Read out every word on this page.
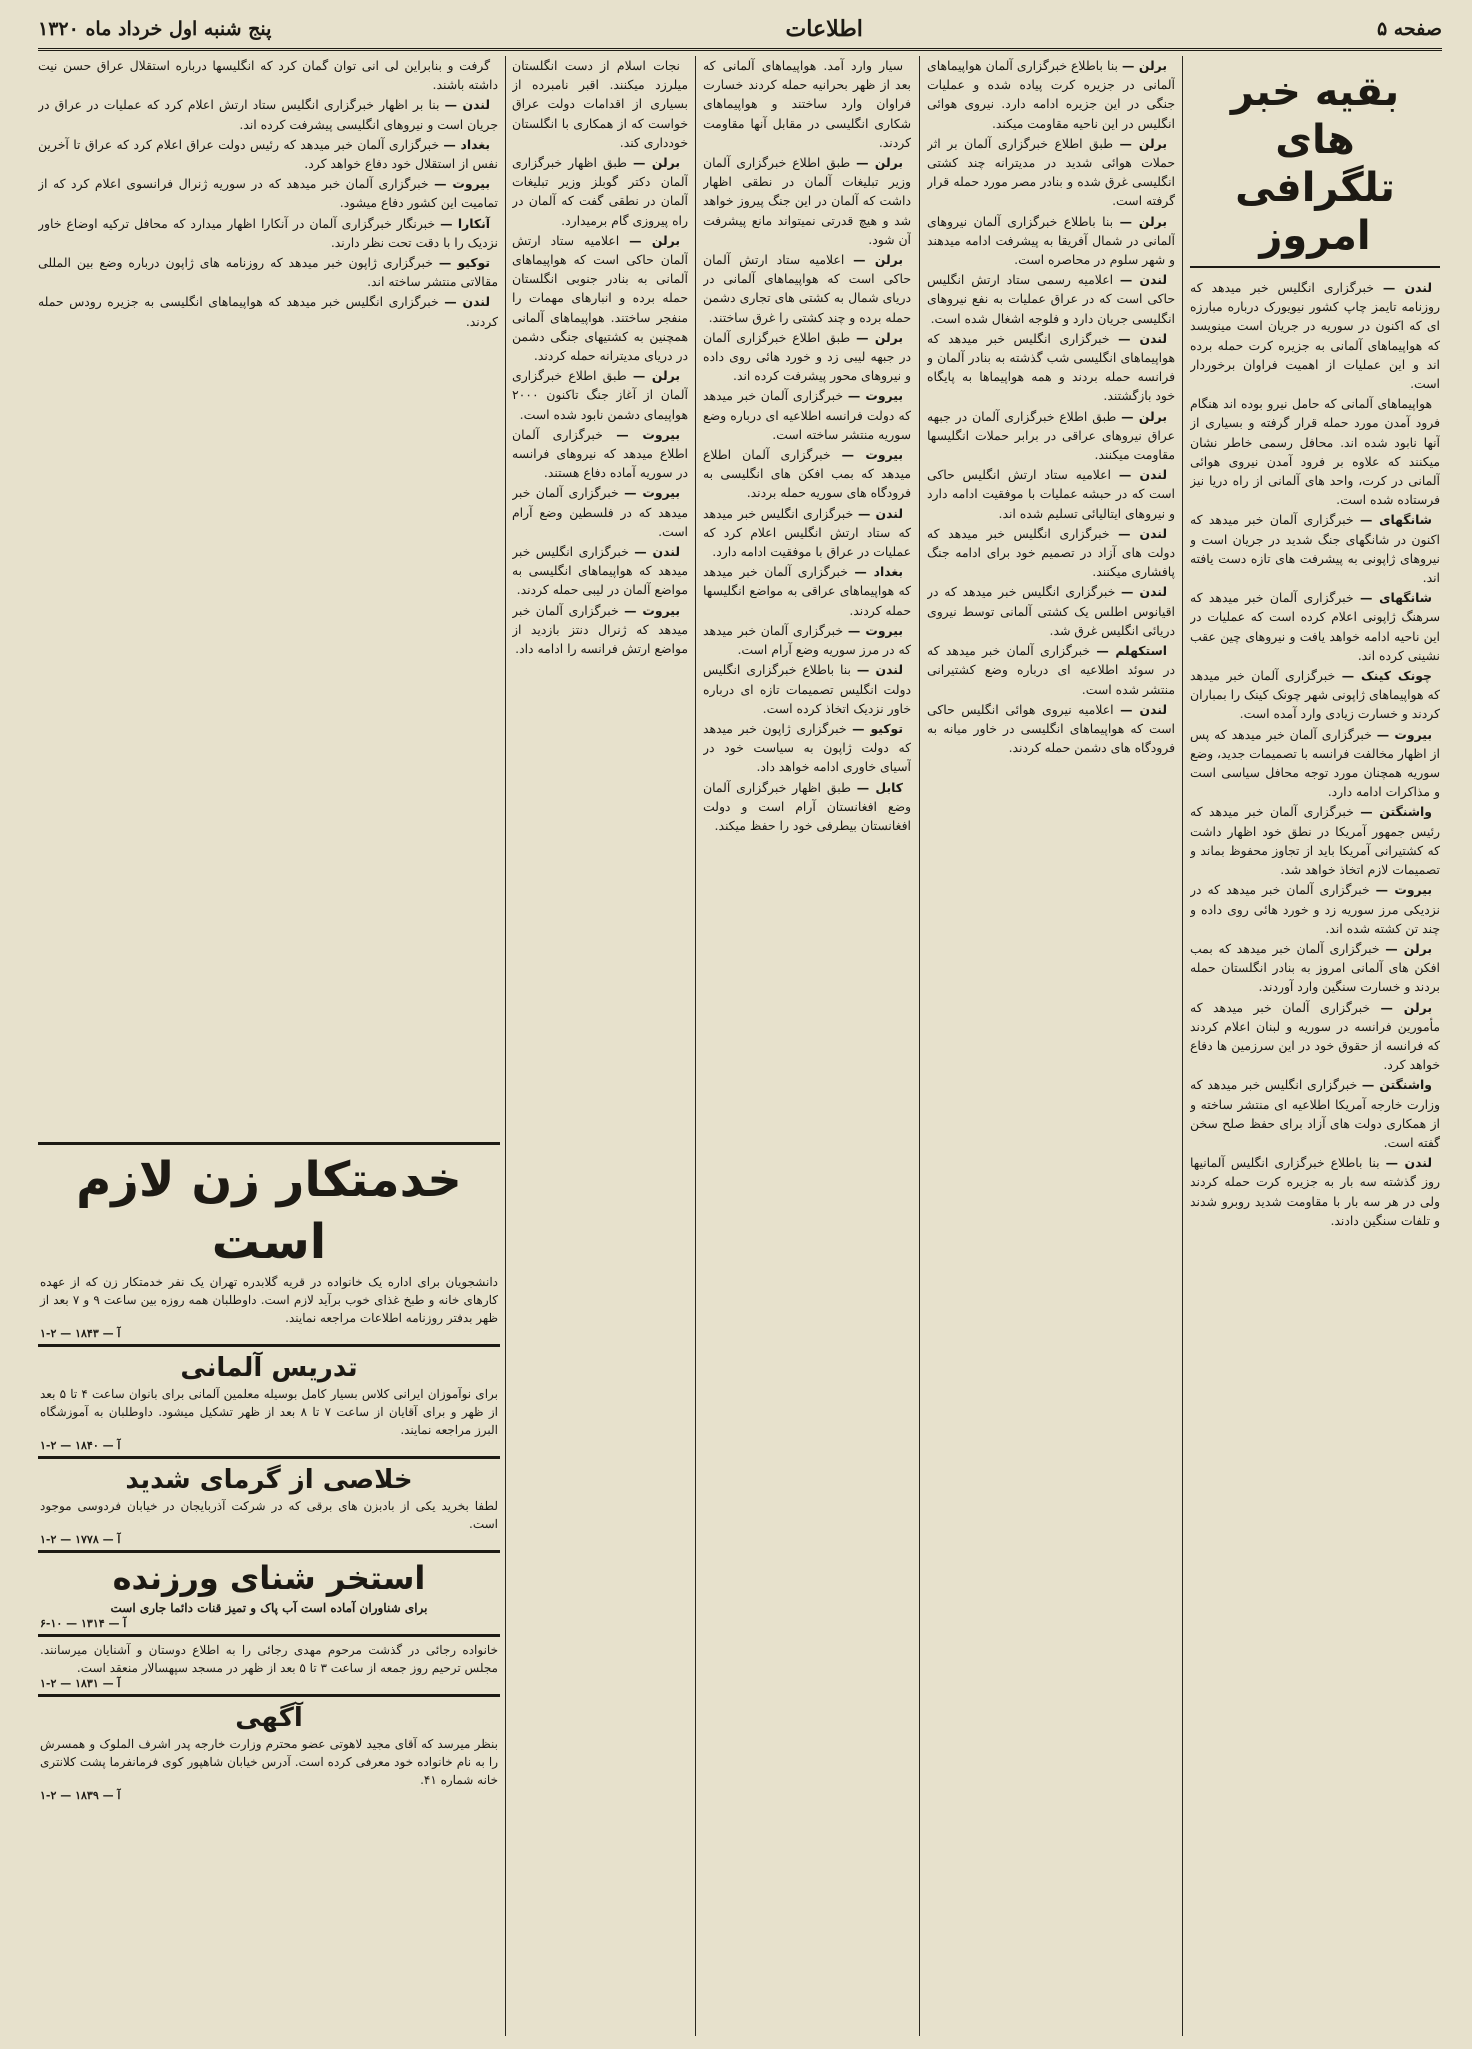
صفحه ۵
اطلاعات
پنج شنبه اول خرداد ماه ۱۳۲۰
بقیه خبر های تلگرافی امروز

لندن — خبرگزاری انگلیس خبر میدهد که روزنامه تایمز چاپ کشور نیویورک درباره مبارزه ای که اکنون در سوریه در جریان است مینویسد که هواپیماهای آلمانی به جزیره کرت حمله برده اند و این عملیات از اهمیت فراوان برخوردار است.

هواپیماهای آلمانی که حامل نیرو بوده اند هنگام فرود آمدن مورد حمله قرار گرفته و بسیاری از آنها نابود شده اند. محافل رسمی خاطر نشان میکنند که علاوه بر فرود آمدن نیروی هوائی آلمانی در کرت، واحد های آلمانی از راه دریا نیز فرستاده شده است.

شانگهای — خبرگزاری آلمان خبر میدهد که اکنون در شانگهای جنگ شدید در جریان است و نیروهای ژاپونی به پیشرفت های تازه دست یافته اند.

شانگهای — خبرگزاری آلمان خبر میدهد که سرهنگ ژاپونی اعلام کرده است که عملیات در این ناحیه ادامه خواهد یافت و نیروهای چین عقب نشینی کرده اند.

چونک کینک — خبرگزاری آلمان خبر میدهد که هواپیماهای ژاپونی شهر چونک کینک را بمباران کردند و خسارت زیادی وارد آمده است.

بیروت — خبرگزاری آلمان خبر میدهد که پس از اظهار مخالفت فرانسه با تصمیمات جدید، وضع سوریه همچنان مورد توجه محافل سیاسی است و مذاکرات ادامه دارد.

واشنگتن — خبرگزاری آلمان خبر میدهد که رئیس جمهور آمریکا در نطق خود اظهار داشت که کشتیرانی آمریکا باید از تجاوز محفوظ بماند و تصمیمات لازم اتخاذ خواهد شد.

بیروت — خبرگزاری آلمان خبر میدهد که در نزدیکی مرز سوریه زد و خورد هائی روی داده و چند تن کشته شده اند.

برلن — خبرگزاری آلمان خبر میدهد که بمب افکن های آلمانی امروز به بنادر انگلستان حمله بردند و خسارت سنگین وارد آوردند.

برلن — خبرگزاری آلمان خبر میدهد که مأمورین فرانسه در سوریه و لبنان اعلام کردند که فرانسه از حقوق خود در این سرزمین ها دفاع خواهد کرد.

واشنگتن — خبرگزاری انگلیس خبر میدهد که وزارت خارجه آمریکا اطلاعیه ای منتشر ساخته و از همکاری دولت های آزاد برای حفظ صلح سخن گفته است.

لندن — بنا باطلاع خبرگزاری انگلیس آلمانیها روز گذشته سه بار به جزیره کرت حمله کردند ولی در هر سه بار با مقاومت شدید روبرو شدند و تلفات سنگین دادند.

برلن — بنا باطلاع خبرگزاری آلمان هواپیماهای آلمانی در جزیره کرت پیاده شده و عملیات جنگی در این جزیره ادامه دارد. نیروی هوائی انگلیس در این ناحیه مقاومت میکند.

برلن — طبق اطلاع خبرگزاری آلمان بر اثر حملات هوائی شدید در مدیترانه چند کشتی انگلیسی غرق شده و بنادر مصر مورد حمله قرار گرفته است.

برلن — بنا باطلاع خبرگزاری آلمان نیروهای آلمانی در شمال آفریقا به پیشرفت ادامه میدهند و شهر سلوم در محاصره است.

لندن — اعلامیه رسمی ستاد ارتش انگلیس حاکی است که در عراق عملیات به نفع نیروهای انگلیسی جریان دارد و فلوجه اشغال شده است.

لندن — خبرگزاری انگلیس خبر میدهد که هواپیماهای انگلیسی شب گذشته به بنادر آلمان و فرانسه حمله بردند و همه هواپیماها به پایگاه خود بازگشتند.

برلن — طبق اطلاع خبرگزاری آلمان در جبهه عراق نیروهای عراقی در برابر حملات انگلیسها مقاومت میکنند.

لندن — اعلامیه ستاد ارتش انگلیس حاکی است که در حبشه عملیات با موفقیت ادامه دارد و نیروهای ایتالیائی تسلیم شده اند.

لندن — خبرگزاری انگلیس خبر میدهد که دولت های آزاد در تصمیم خود برای ادامه جنگ پافشاری میکنند.

لندن — خبرگزاری انگلیس خبر میدهد که در اقیانوس اطلس یک کشتی آلمانی توسط نیروی دریائی انگلیس غرق شد.

استکهلم — خبرگزاری آلمان خبر میدهد که در سوئد اطلاعیه ای درباره وضع کشتیرانی منتشر شده است.

لندن — اعلامیه نیروی هوائی انگلیس حاکی است که هواپیماهای انگلیسی در خاور میانه به فرودگاه های دشمن حمله کردند.

سیار وارد آمد. هواپیماهای آلمانی که بعد از ظهر بحرانیه حمله کردند خسارت فراوان وارد ساختند و هواپیماهای شکاری انگلیسی در مقابل آنها مقاومت کردند.

برلن — طبق اطلاع خبرگزاری آلمان وزیر تبلیغات آلمان در نطقی اظهار داشت که آلمان در این جنگ پیروز خواهد شد و هیچ قدرتی نمیتواند مانع پیشرفت آن شود.

برلن — اعلامیه ستاد ارتش آلمان حاکی است که هواپیماهای آلمانی در دریای شمال به کشتی های تجاری دشمن حمله برده و چند کشتی را غرق ساختند.

برلن — طبق اطلاع خبرگزاری آلمان در جبهه لیبی زد و خورد هائی روی داده و نیروهای محور پیشرفت کرده اند.

بیروت — خبرگزاری آلمان خبر میدهد که دولت فرانسه اطلاعیه ای درباره وضع سوریه منتشر ساخته است.

بیروت — خبرگزاری آلمان اطلاع میدهد که بمب افکن های انگلیسی به فرودگاه های سوریه حمله بردند.

لندن — خبرگزاری انگلیس خبر میدهد که ستاد ارتش انگلیس اعلام کرد که عملیات در عراق با موفقیت ادامه دارد.

بغداد — خبرگزاری آلمان خبر میدهد که هواپیماهای عراقی به مواضع انگلیسها حمله کردند.

بیروت — خبرگزاری آلمان خبر میدهد که در مرز سوریه وضع آرام است.

لندن — بنا باطلاع خبرگزاری انگلیس دولت انگلیس تصمیمات تازه ای درباره خاور نزدیک اتخاذ کرده است.

توکیو — خبرگزاری ژاپون خبر میدهد که دولت ژاپون به سیاست خود در آسیای خاوری ادامه خواهد داد.

کابل — طبق اظهار خبرگزاری آلمان وضع افغانستان آرام است و دولت افغانستان بیطرفی خود را حفظ میکند.

نجات اسلام از دست انگلستان میلرزد میکنند. اقبر نامبرده از بسیاری از اقدامات دولت عراق خواست که از همکاری با انگلستان خودداری کند.

برلن — طبق اظهار خبرگزاری آلمان دکتر گوبلز وزیر تبلیغات آلمان در نطقی گفت که آلمان در راه پیروزی گام برمیدارد.

برلن — اعلامیه ستاد ارتش آلمان حاکی است که هواپیماهای آلمانی به بنادر جنوبی انگلستان حمله برده و انبارهای مهمات را منفجر ساختند. هواپیماهای آلمانی همچنین به کشتیهای جنگی دشمن در دریای مدیترانه حمله کردند.

برلن — طبق اطلاع خبرگزاری آلمان از آغاز جنگ تاکنون ۲۰۰۰ هواپیمای دشمن نابود شده است.

بیروت — خبرگزاری آلمان اطلاع میدهد که نیروهای فرانسه در سوریه آماده دفاع هستند.

بیروت — خبرگزاری آلمان خبر میدهد که در فلسطین وضع آرام است.

لندن — خبرگزاری انگلیس خبر میدهد که هواپیماهای انگلیسی به مواضع آلمان در لیبی حمله کردند.

بیروت — خبرگزاری آلمان خبر میدهد که ژنرال دنتز بازدید از مواضع ارتش فرانسه را ادامه داد.

گرفت و بنابراین لی انی توان گمان کرد که انگلیسها درباره استقلال عراق حسن نیت داشته باشند.

لندن — بنا بر اظهار خبرگزاری انگلیس ستاد ارتش اعلام کرد که عملیات در عراق در جریان است و نیروهای انگلیسی پیشرفت کرده اند.

بغداد — خبرگزاری آلمان خبر میدهد که رئیس دولت عراق اعلام کرد که عراق تا آخرین نفس از استقلال خود دفاع خواهد کرد.

بیروت — خبرگزاری آلمان خبر میدهد که در سوریه ژنرال فرانسوی اعلام کرد که از تمامیت این کشور دفاع میشود.

آنکارا — خبرنگار خبرگزاری آلمان در آنکارا اظهار میدارد که محافل ترکیه اوضاع خاور نزدیک را با دقت تحت نظر دارند.

توکیو — خبرگزاری ژاپون خبر میدهد که روزنامه های ژاپون درباره وضع بین المللی مقالاتی منتشر ساخته اند.

لندن — خبرگزاری انگلیس خبر میدهد که هواپیماهای انگلیسی به جزیره رودس حمله کردند.

خدمتکار زن لازم است
دانشجویان برای اداره یک خانواده در قریه گلابدره تهران یک نفر خدمتکار زن که از عهده کارهای خانه و طبخ غذای خوب برآید لازم است. داوطلبان همه روزه بین ساعت ۹ و ۷ بعد از ظهر بدفتر روزنامه اطلاعات مراجعه نمایند.
آ — ۱۸۴۳ — ۲-۱
تدریس آلمانی
برای نوآموزان ایرانی کلاس بسیار کامل بوسیله معلمین آلمانی برای بانوان ساعت ۴ تا ۵ بعد از ظهر و برای آقایان از ساعت ۷ تا ۸ بعد از ظهر تشکیل میشود. داوطلبان به آموزشگاه البرز مراجعه نمایند.
آ — ۱۸۴۰ — ۲-۱
خلاصی از گرمای شدید
لطفا بخرید یکی از بادبزن های برقی که در شرکت آذربایجان در خیابان فردوسی موجود است.
آ — ۱۷۷۸ — ۲-۱
استخر شنای ورزنده
برای شناوران آماده است آب پاک و تمیز قنات دائما جاری است
آ — ۱۳۱۴ — ۱۰-۶
خانواده رجائی در گذشت مرحوم مهدی رجائی را به اطلاع دوستان و آشنایان میرسانند. مجلس ترحیم روز جمعه از ساعت ۳ تا ۵ بعد از ظهر در مسجد سپهسالار منعقد است.
آ — ۱۸۳۱ — ۲-۱
آگهی
بنظر میرسد که آقای مجید لاهوتی عضو محترم وزارت خارجه پدر اشرف الملوک و همسرش را به نام خانواده خود معرفی کرده است. آدرس خیابان شاهپور کوی فرمانفرما پشت کلانتری خانه شماره ۴۱.
آ — ۱۸۳۹ — ۲-۱
